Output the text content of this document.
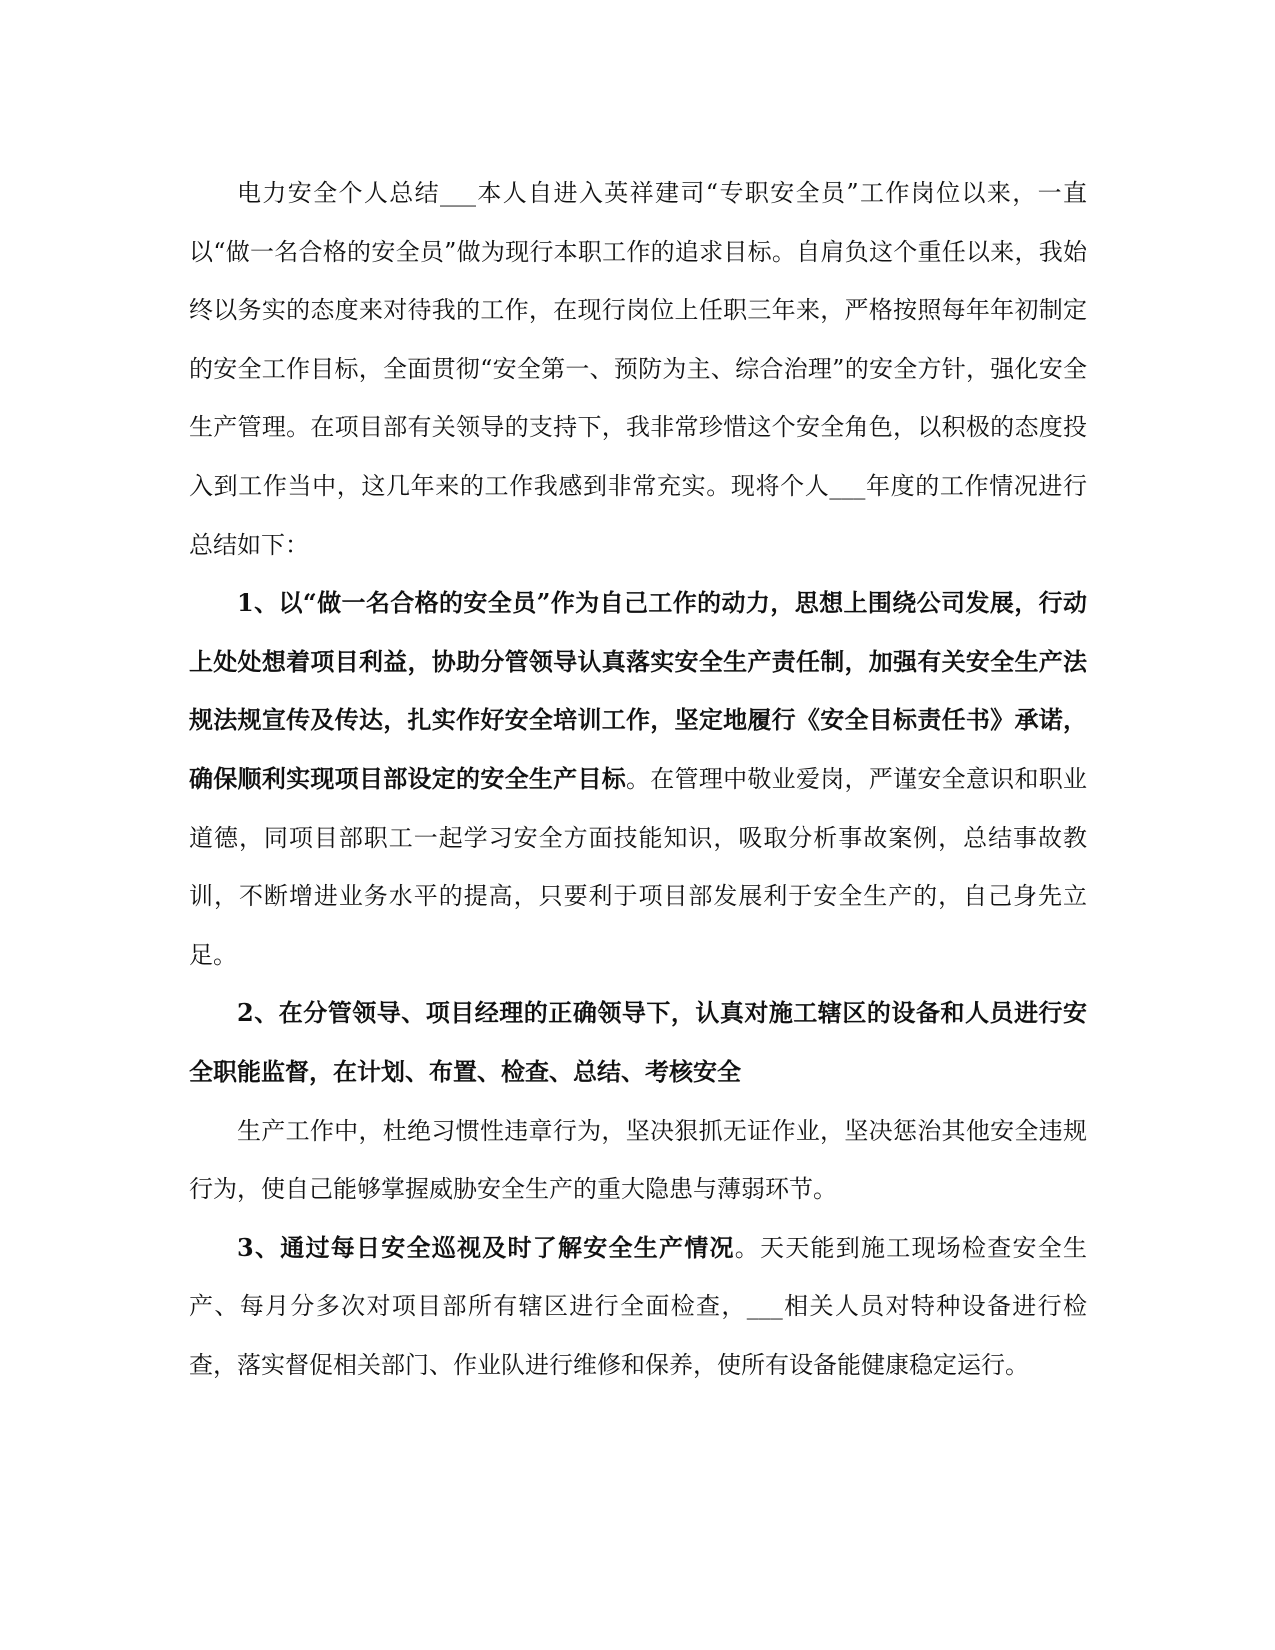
电力安全个人总结___本人自进入英祥建司“专职安全员”工作岗位以来，一直以“做一名合格的安全员”做为现行本职工作的追求目标。自肩负这个重任以来，我始终以务实的态度来对待我的工作，在现行岗位上任职三年来，严格按照每年年初制定的安全工作目标，全面贯彻“安全第一、预防为主、综合治理”的安全方针，强化安全生产管理。在项目部有关领导的支持下，我非常珍惜这个安全角色，以积极的态度投入到工作当中，这几年来的工作我感到非常充实。现将个人___年度的工作情况进行总结如下：

1、以“做一名合格的安全员”作为自己工作的动力，思想上围绕公司发展，行动上处处想着项目利益，协助分管领导认真落实安全生产责任制，加强有关安全生产法规法规宣传及传达，扎实作好安全培训工作，坚定地履行《安全目标责任书》承诺，确保顺利实现项目部设定的安全生产目标。在管理中敬业爱岗，严谨安全意识和职业道德，同项目部职工一起学习安全方面技能知识，吸取分析事故案例，总结事故教训，不断增进业务水平的提高，只要利于项目部发展利于安全生产的，自己身先立足。

2、在分管领导、项目经理的正确领导下，认真对施工辖区的设备和人员进行安全职能监督，在计划、布置、检查、总结、考核安全

生产工作中，杜绝习惯性违章行为，坚决狠抓无证作业，坚决惩治其他安全违规行为，使自己能够掌握威胁安全生产的重大隐患与薄弱环节。

3、通过每日安全巡视及时了解安全生产情况。天天能到施工现场检查安全生产、每月分多次对项目部所有辖区进行全面检查，___相关人员对特种设备进行检查，落实督促相关部门、作业队进行维修和保养，使所有设备能健康稳定运行。
